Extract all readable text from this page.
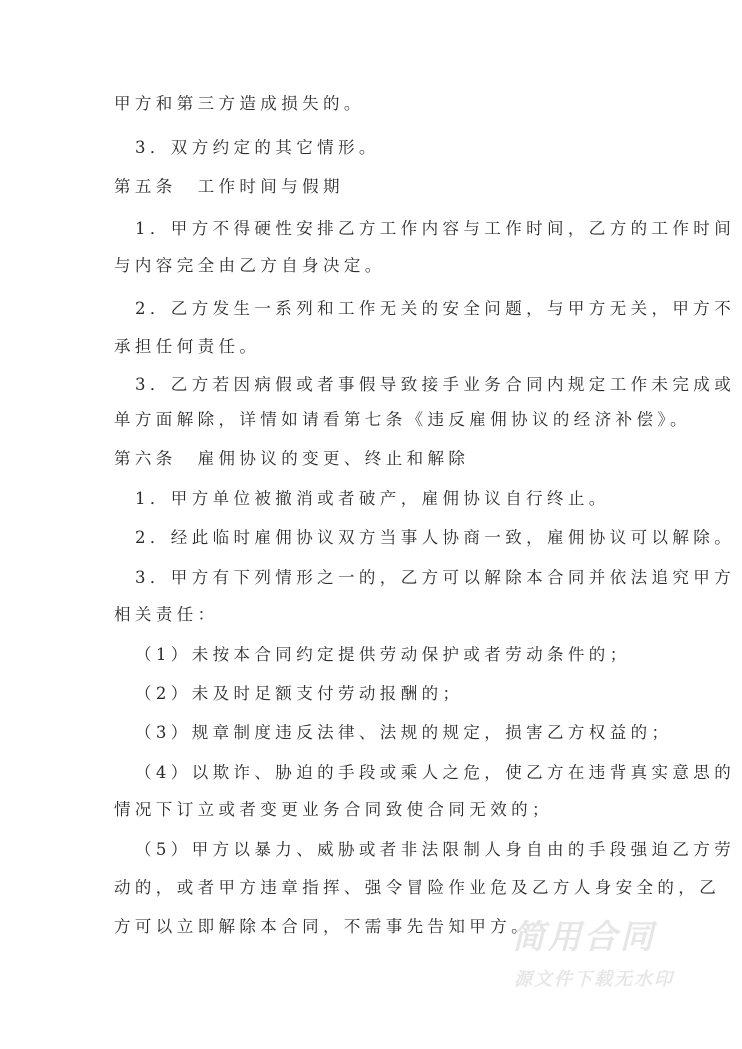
甲方和第三方造成损失的。
3．双方约定的其它情形。
第五条　工作时间与假期
1．甲方不得硬性安排乙方工作内容与工作时间，乙方的工作时间
与内容完全由乙方自身决定。
2．乙方发生一系列和工作无关的安全问题，与甲方无关，甲方不
承担任何责任。
3．乙方若因病假或者事假导致接手业务合同内规定工作未完成或
单方面解除，详情如请看第七条《违反雇佣协议的经济补偿》。
第六条　雇佣协议的变更、终止和解除
1．甲方单位被撤消或者破产，雇佣协议自行终止。
2．经此临时雇佣协议双方当事人协商一致，雇佣协议可以解除。
3．甲方有下列情形之一的，乙方可以解除本合同并依法追究甲方
相关责任：
（1）未按本合同约定提供劳动保护或者劳动条件的；
（2）未及时足额支付劳动报酬的；
（3）规章制度违反法律、法规的规定，损害乙方权益的；
（4）以欺诈、胁迫的手段或乘人之危，使乙方在违背真实意思的
情况下订立或者变更业务合同致使合同无效的；
（5）甲方以暴力、威胁或者非法限制人身自由的手段强迫乙方劳
动的，或者甲方违章指挥、强令冒险作业危及乙方人身安全的，乙
方可以立即解除本合同，不需事先告知甲方。
简用合同
源文件下载无水印
